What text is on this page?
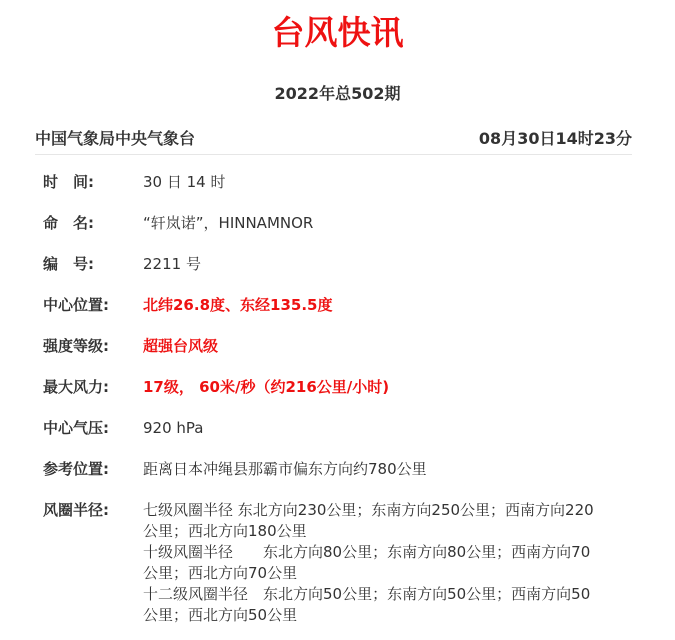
台风快讯
2022年总502期
中国气象局中央气象台	08月30日14时23分
时　间:	30 日 14 时
命　名:	“轩岚诺”，HINNAMNOR
编　号:	2211 号
中心位置:	北纬26.8度、东经135.5度
强度等级:	超强台风级
最大风力:	17级， 60米/秒（约216公里/小时)
中心气压:	920 hPa
参考位置:	距离日本冲绳县那霸市偏东方向约780公里
风圈半径:	七级风圈半径 东北方向230公里；东南方向250公里；西南方向220
公里；西北方向180公里
十级风圈半径　　东北方向80公里；东南方向80公里；西南方向70
公里；西北方向70公里
十二级风圈半径　东北方向50公里；东南方向50公里；西南方向50
公里；西北方向50公里
